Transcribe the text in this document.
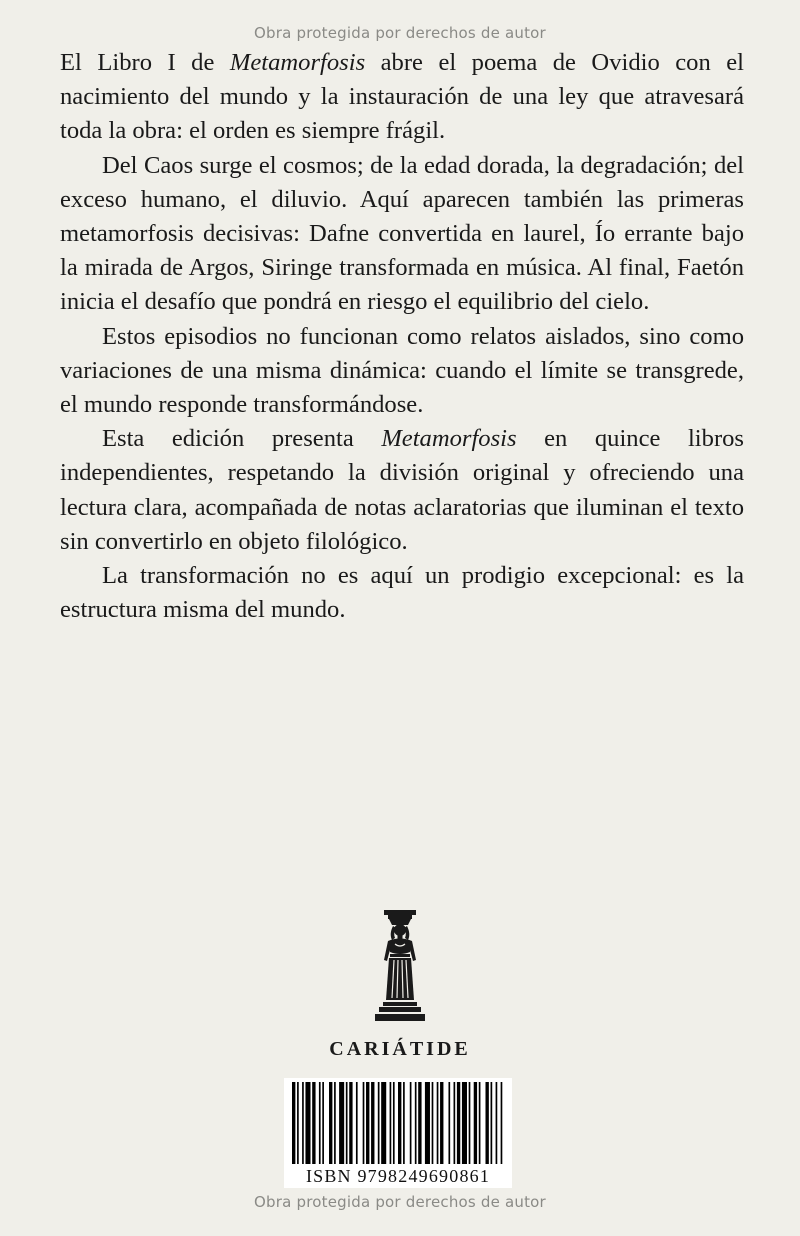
Obra protegida por derechos de autor

El Libro I de Metamorfosis abre el poema de Ovidio con el nacimiento del mundo y la instauración de una ley que atravesará toda la obra: el orden es siempre frágil.

Del Caos surge el cosmos; de la edad dorada, la degradación; del exceso humano, el diluvio. Aquí aparecen también las primeras metamorfosis decisivas: Dafne convertida en laurel, Ío errante bajo la mirada de Argos, Siringe transformada en música. Al final, Faetón inicia el desafío que pondrá en riesgo el equilibrio del cielo.

Estos episodios no funcionan como relatos aislados, sino como variaciones de una misma dinámica: cuando el límite se transgrede, el mundo responde transformándose.

Esta edición presenta Metamorfosis en quince libros independientes, respetando la división original y ofreciendo una lectura clara, acompañada de notas aclaratorias que iluminan el texto sin convertirlo en objeto filológico.

La transformación no es aquí un prodigio excepcional: es la estructura misma del mundo.

CARIÁTIDE
ISBN 9798249690861
Obra protegida por derechos de autor
